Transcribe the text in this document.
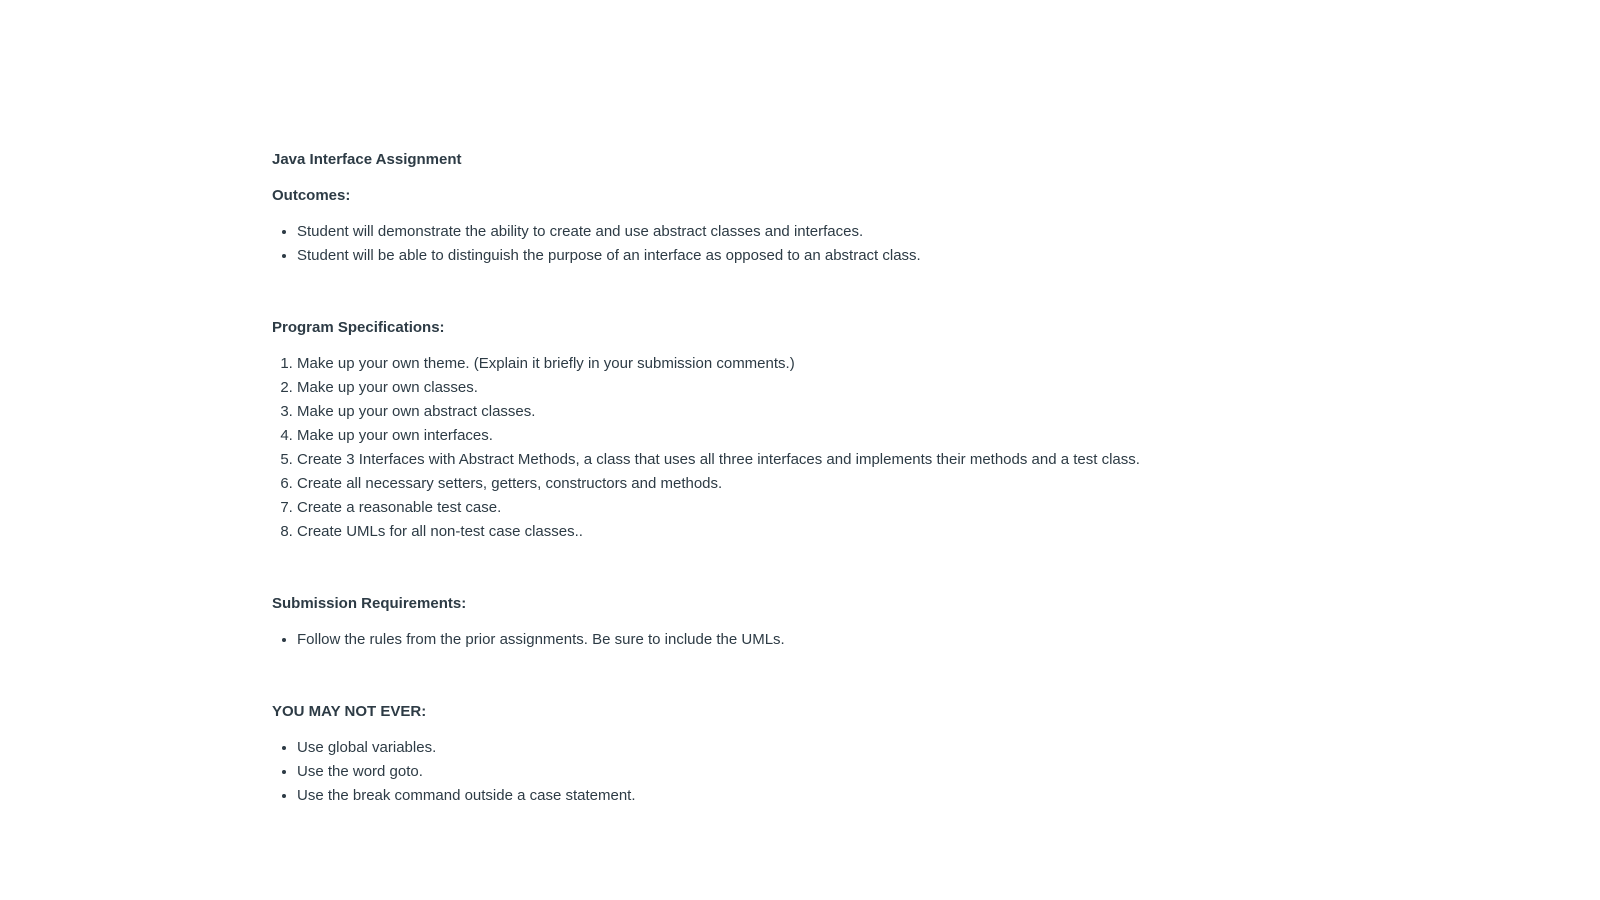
Java Interface Assignment

Outcomes:

• Student will demonstrate the ability to create and use abstract classes and interfaces.
• Student will be able to distinguish the purpose of an interface as opposed to an abstract class.

Program Specifications:

1. Make up your own theme. (Explain it briefly in your submission comments.)
2. Make up your own classes.
3. Make up your own abstract classes.
4. Make up your own interfaces.
5. Create 3 Interfaces with Abstract Methods, a class that uses all three interfaces and implements their methods and a test class.
6. Create all necessary setters, getters, constructors and methods.
7. Create a reasonable test case.
8. Create UMLs for all non-test case classes..

Submission Requirements:

• Follow the rules from the prior assignments. Be sure to include the UMLs.

YOU MAY NOT EVER:

• Use global variables.
• Use the word goto.
• Use the break command outside a case statement.
